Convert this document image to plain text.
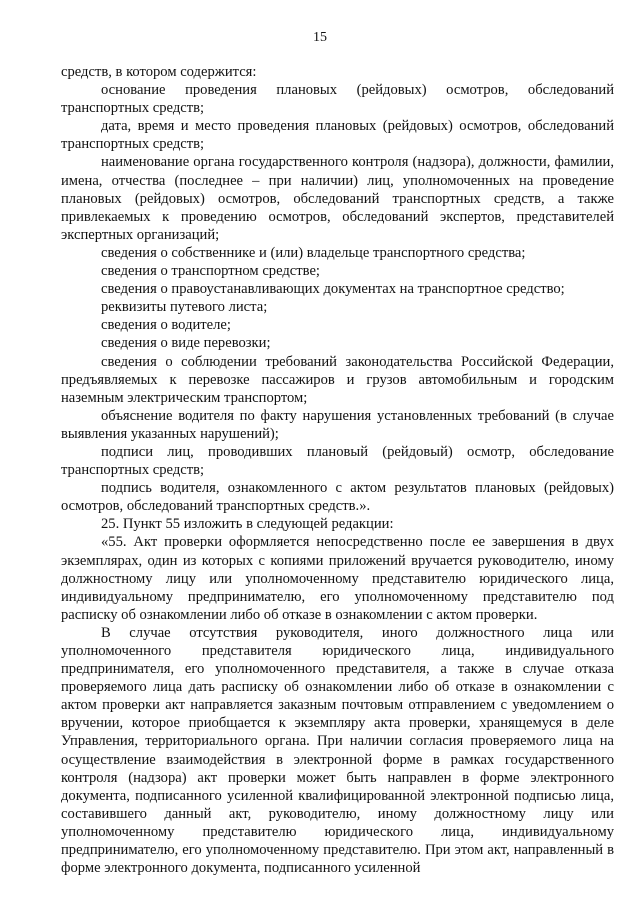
15

средств, в котором содержится:

основание проведения плановых (рейдовых) осмотров, обследований транспортных средств;

дата, время и место проведения плановых (рейдовых) осмотров, обследований транспортных средств;

наименование органа государственного контроля (надзора), должности, фамилии, имена, отчества (последнее – при наличии) лиц, уполномоченных на проведение плановых (рейдовых) осмотров, обследований транспортных средств, а также привлекаемых к проведению осмотров, обследований экспертов, представителей экспертных организаций;

сведения о собственнике и (или) владельце транспортного средства;

сведения о транспортном средстве;

сведения о правоустанавливающих документах на транспортное средство;

реквизиты путевого листа;

сведения о водителе;

сведения о виде перевозки;

сведения о соблюдении требований законодательства Российской Федерации, предъявляемых к перевозке пассажиров и грузов автомобильным и городским наземным электрическим транспортом;

объяснение водителя по факту нарушения установленных требований (в случае выявления указанных нарушений);

подписи лиц, проводивших плановый (рейдовый) осмотр, обследование транспортных средств;

подпись водителя, ознакомленного с актом результатов плановых (рейдовых) осмотров, обследований транспортных средств.».

25. Пункт 55 изложить в следующей редакции:

«55. Акт проверки оформляется непосредственно после ее завершения в двух экземплярах, один из которых с копиями приложений вручается руководителю, иному должностному лицу или уполномоченному представителю юридического лица, индивидуальному предпринимателю, его уполномоченному представителю под расписку об ознакомлении либо об отказе в ознакомлении с актом проверки.

В случае отсутствия руководителя, иного должностного лица или уполномоченного представителя юридического лица, индивидуального предпринимателя, его уполномоченного представителя, а также в случае отказа проверяемого лица дать расписку об ознакомлении либо об отказе в ознакомлении с актом проверки акт направляется заказным почтовым отправлением с уведомлением о вручении, которое приобщается к экземпляру акта проверки, хранящемуся в деле Управления, территориального органа. При наличии согласия проверяемого лица на осуществление взаимодействия в электронной форме в рамках государственного контроля (надзора) акт проверки может быть направлен в форме электронного документа, подписанного усиленной квалифицированной электронной подписью лица, составившего данный акт, руководителю, иному должностному лицу или уполномоченному представителю юридического лица, индивидуальному предпринимателю, его уполномоченному представителю. При этом акт, направленный в форме электронного документа, подписанного усиленной
